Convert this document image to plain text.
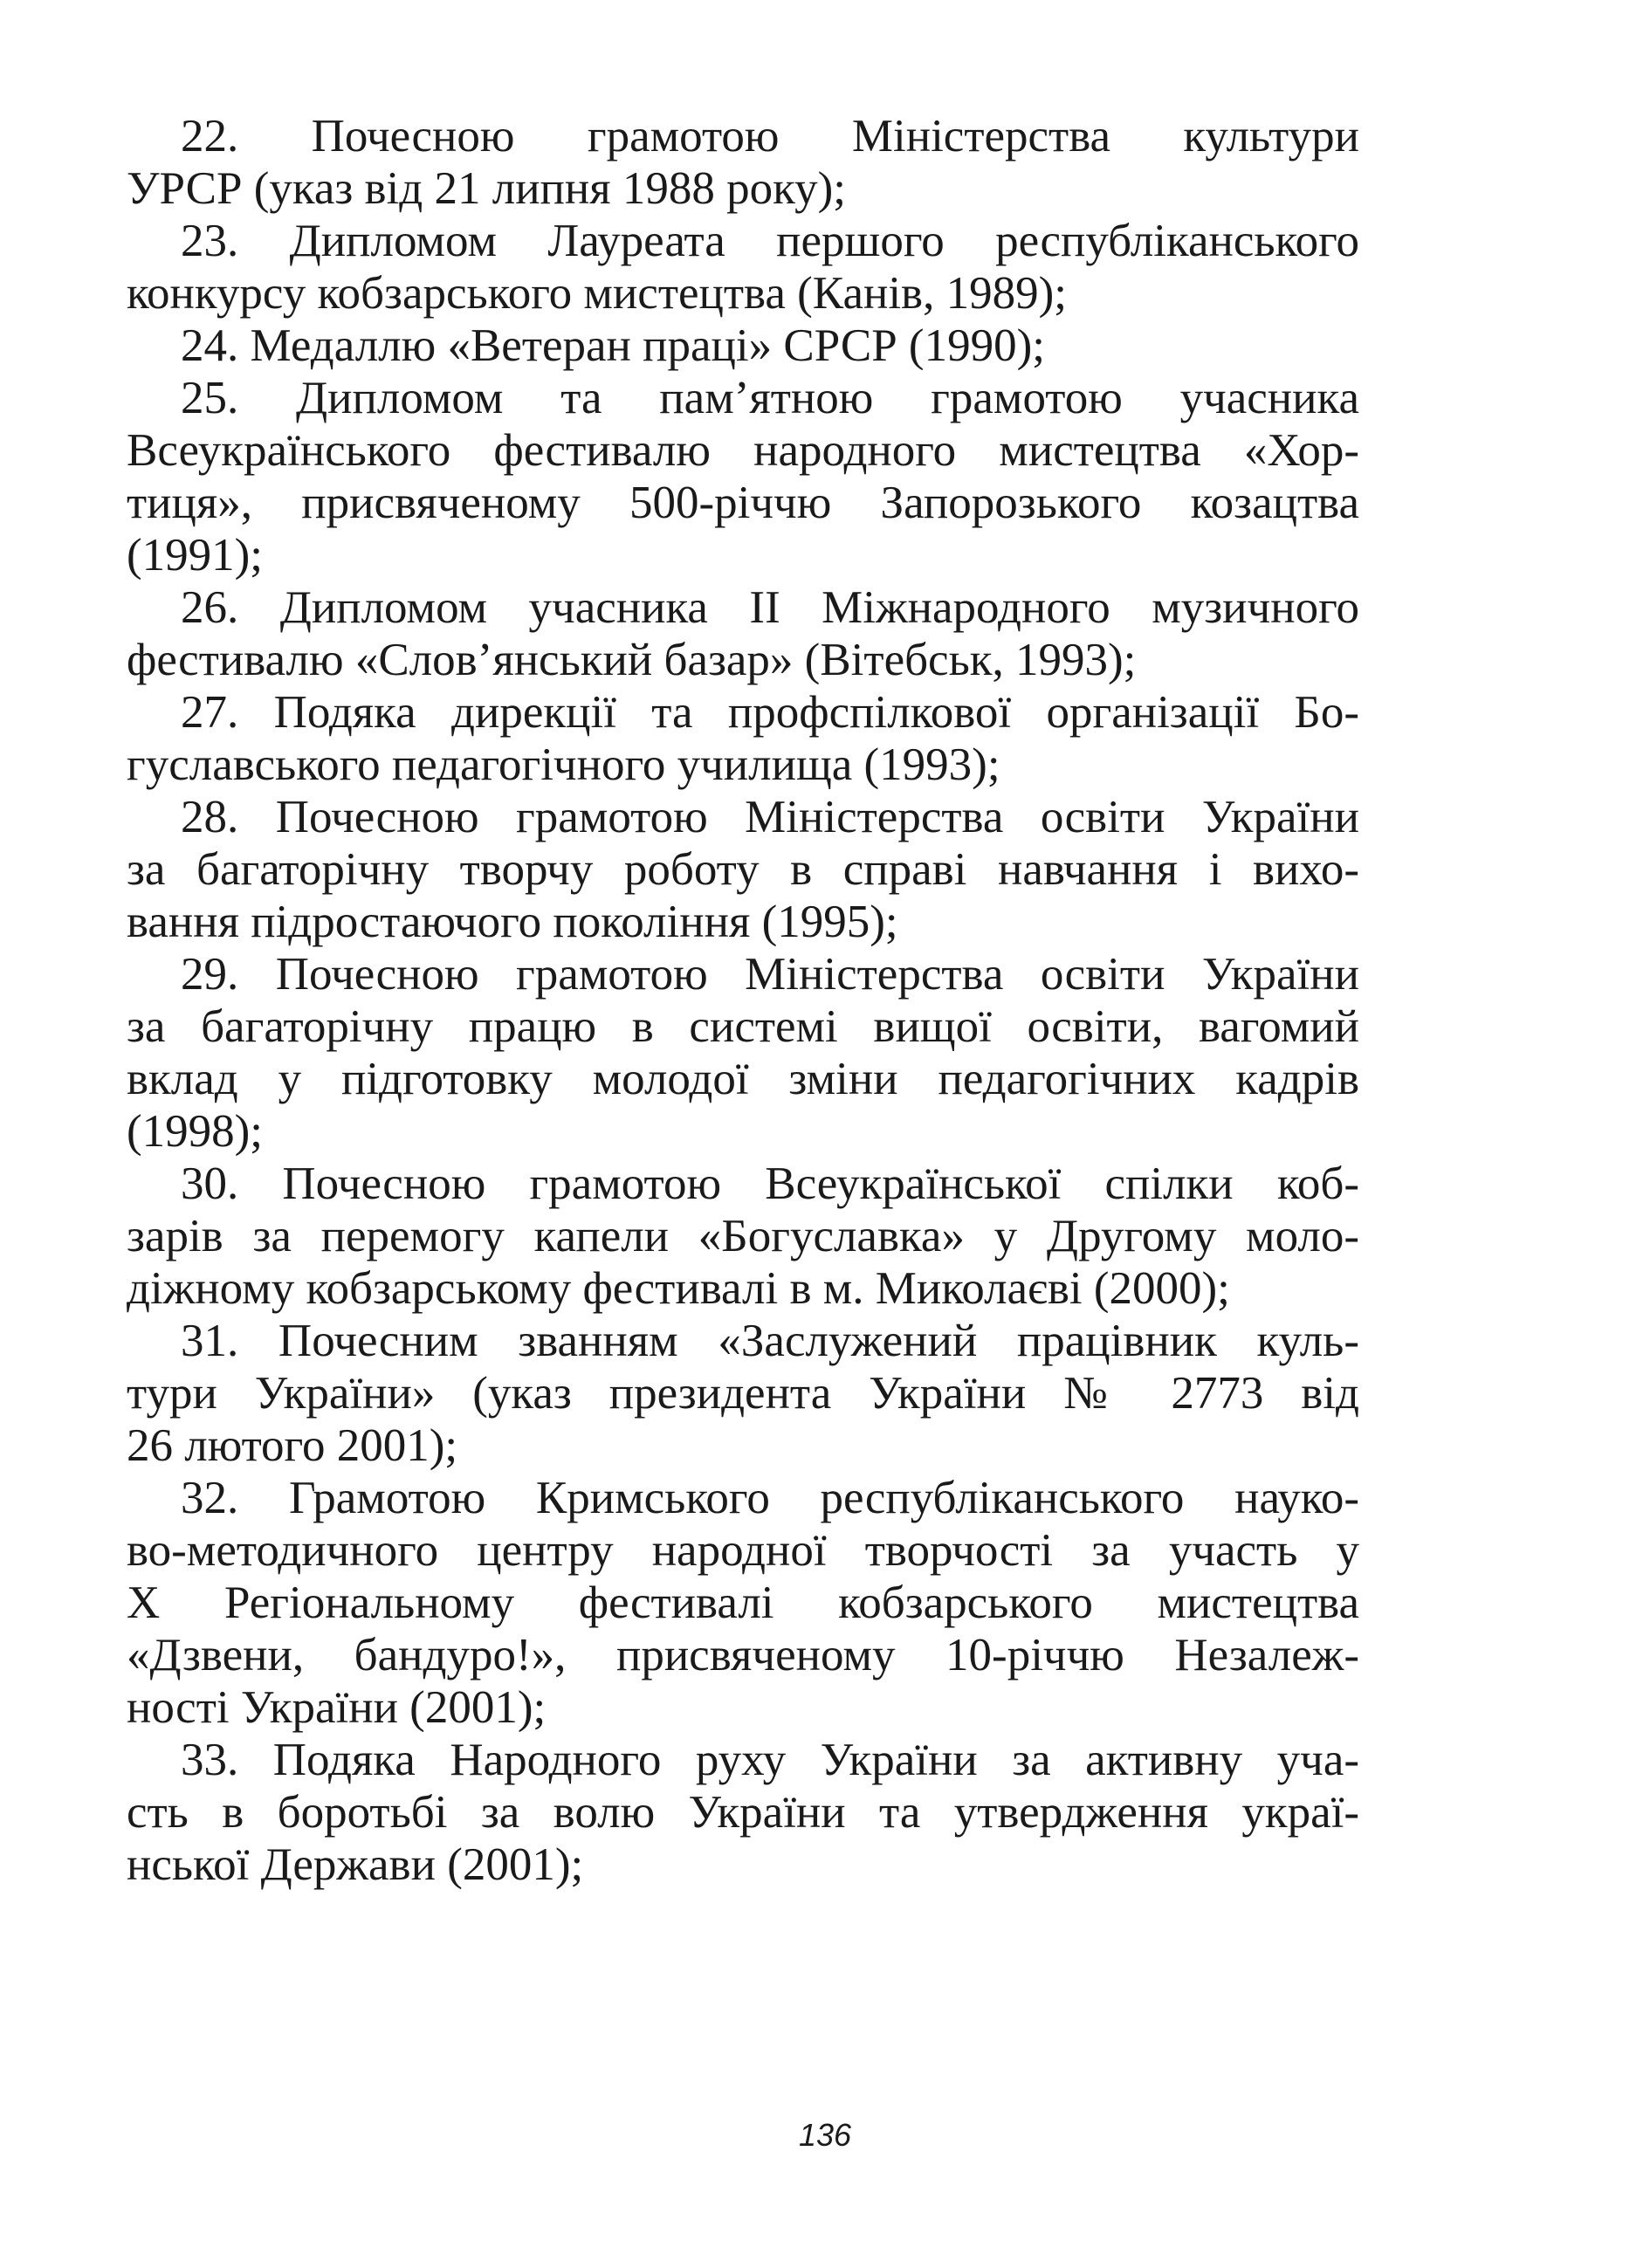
22. Почесною грамотою Міністерства культури
УРСР (указ від 21 липня 1988 року);
23. Дипломом Лауреата першого республіканського
конкурсу кобзарського мистецтва (Канів, 1989);
24. Медаллю «Ветеран праці» СРСР (1990);
25. Дипломом та пам’ятною грамотою учасника
Всеукраїнського фестивалю народного мистецтва «Хор-
тиця», присвяченому 500-річчю Запорозького козацтва
(1991);
26. Дипломом учасника ІІ Міжнародного музичного
фестивалю «Слов’янський базар» (Вітебськ, 1993);
27. Подяка дирекції та профспілкової організації Бо-
гуславського педагогічного училища (1993);
28. Почесною грамотою Міністерства освіти України
за багаторічну творчу роботу в справі навчання і вихо-
вання підростаючого покоління (1995);
29. Почесною грамотою Міністерства освіти України
за багаторічну працю в системі вищої освіти, вагомий
вклад у підготовку молодої зміни педагогічних кадрів
(1998);
30. Почесною грамотою Всеукраїнської спілки коб-
зарів за перемогу капели «Богуславка» у Другому моло-
діжному кобзарському фестивалі в м. Миколаєві (2000);
31. Почесним званням «Заслужений працівник куль-
тури України» (указ президента України № 2773 від
26 лютого 2001);
32. Грамотою Кримського республіканського науко-
во-методичного центру народної творчості за участь у
Х Регіональному фестивалі кобзарського мистецтва
«Дзвени, бандуро!», присвяченому 10-річчю Незалеж-
ності України (2001);
33. Подяка Народного руху України за активну уча-
сть в боротьбі за волю України та утвердження украї-
нської Держави (2001);
136
